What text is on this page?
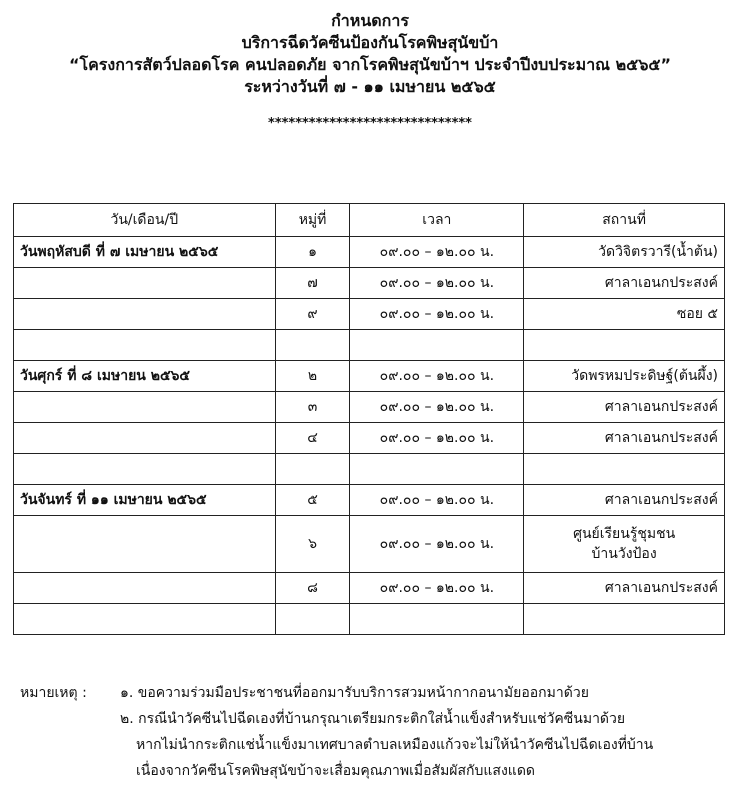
กำหนดการ
บริการฉีดวัคซีนป้องกันโรคพิษสุนัขบ้า
“โครงการสัตว์ปลอดโรค คนปลอดภัย จากโรคพิษสุนัขบ้าฯ ประจำปีงบประมาณ ๒๕๖๕”
ระหว่างวันที่ ๗ - ๑๑ เมษายน ๒๕๖๕
******************************
วัน/เดือน/ปี	หมู่ที่	เวลา	สถานที่
วันพฤหัสบดี ที่ ๗ เมษายน ๒๕๖๕	๑	๐๙.๐๐ – ๑๒.๐๐ น.	วัดวิจิตรวารี(น้ำต้น)
	๗	๐๙.๐๐ – ๑๒.๐๐ น.	ศาลาเอนกประสงค์
	๙	๐๙.๐๐ – ๑๒.๐๐ น.	ซอย ๕

วันศุกร์ ที่ ๘ เมษายน ๒๕๖๕	๒	๐๙.๐๐ – ๑๒.๐๐ น.	วัดพรหมประดิษฐ์(ต้นผึ้ง)
	๓	๐๙.๐๐ – ๑๒.๐๐ น.	ศาลาเอนกประสงค์
	๔	๐๙.๐๐ – ๑๒.๐๐ น.	ศาลาเอนกประสงค์

วันจันทร์ ที่ ๑๑ เมษายน ๒๕๖๕	๕	๐๙.๐๐ – ๑๒.๐๐ น.	ศาลาเอนกประสงค์
	๖	๐๙.๐๐ – ๑๒.๐๐ น.	ศูนย์เรียนรู้ชุมชน
บ้านวังป้อง

	๘	๐๙.๐๐ – ๑๒.๐๐ น.	ศาลาเอนกประสงค์

หมายเหตุ : ๑. ขอความร่วมมือประชาชนที่ออกมารับบริการสวมหน้ากากอนามัยออกมาด้วย
๒. กรณีนำวัคซีนไปฉีดเองที่บ้านกรุณาเตรียมกระติกใส่น้ำแข็งสำหรับแช่วัคซีนมาด้วย
หากไม่นำกระติกแช่น้ำแข็งมาเทศบาลตำบลเหมืองแก้วจะไม่ให้นำวัคซีนไปฉีดเองที่บ้าน
เนื่องจากวัคซีนโรคพิษสุนัขบ้าจะเสื่อมคุณภาพเมื่อสัมผัสกับแสงแดด
